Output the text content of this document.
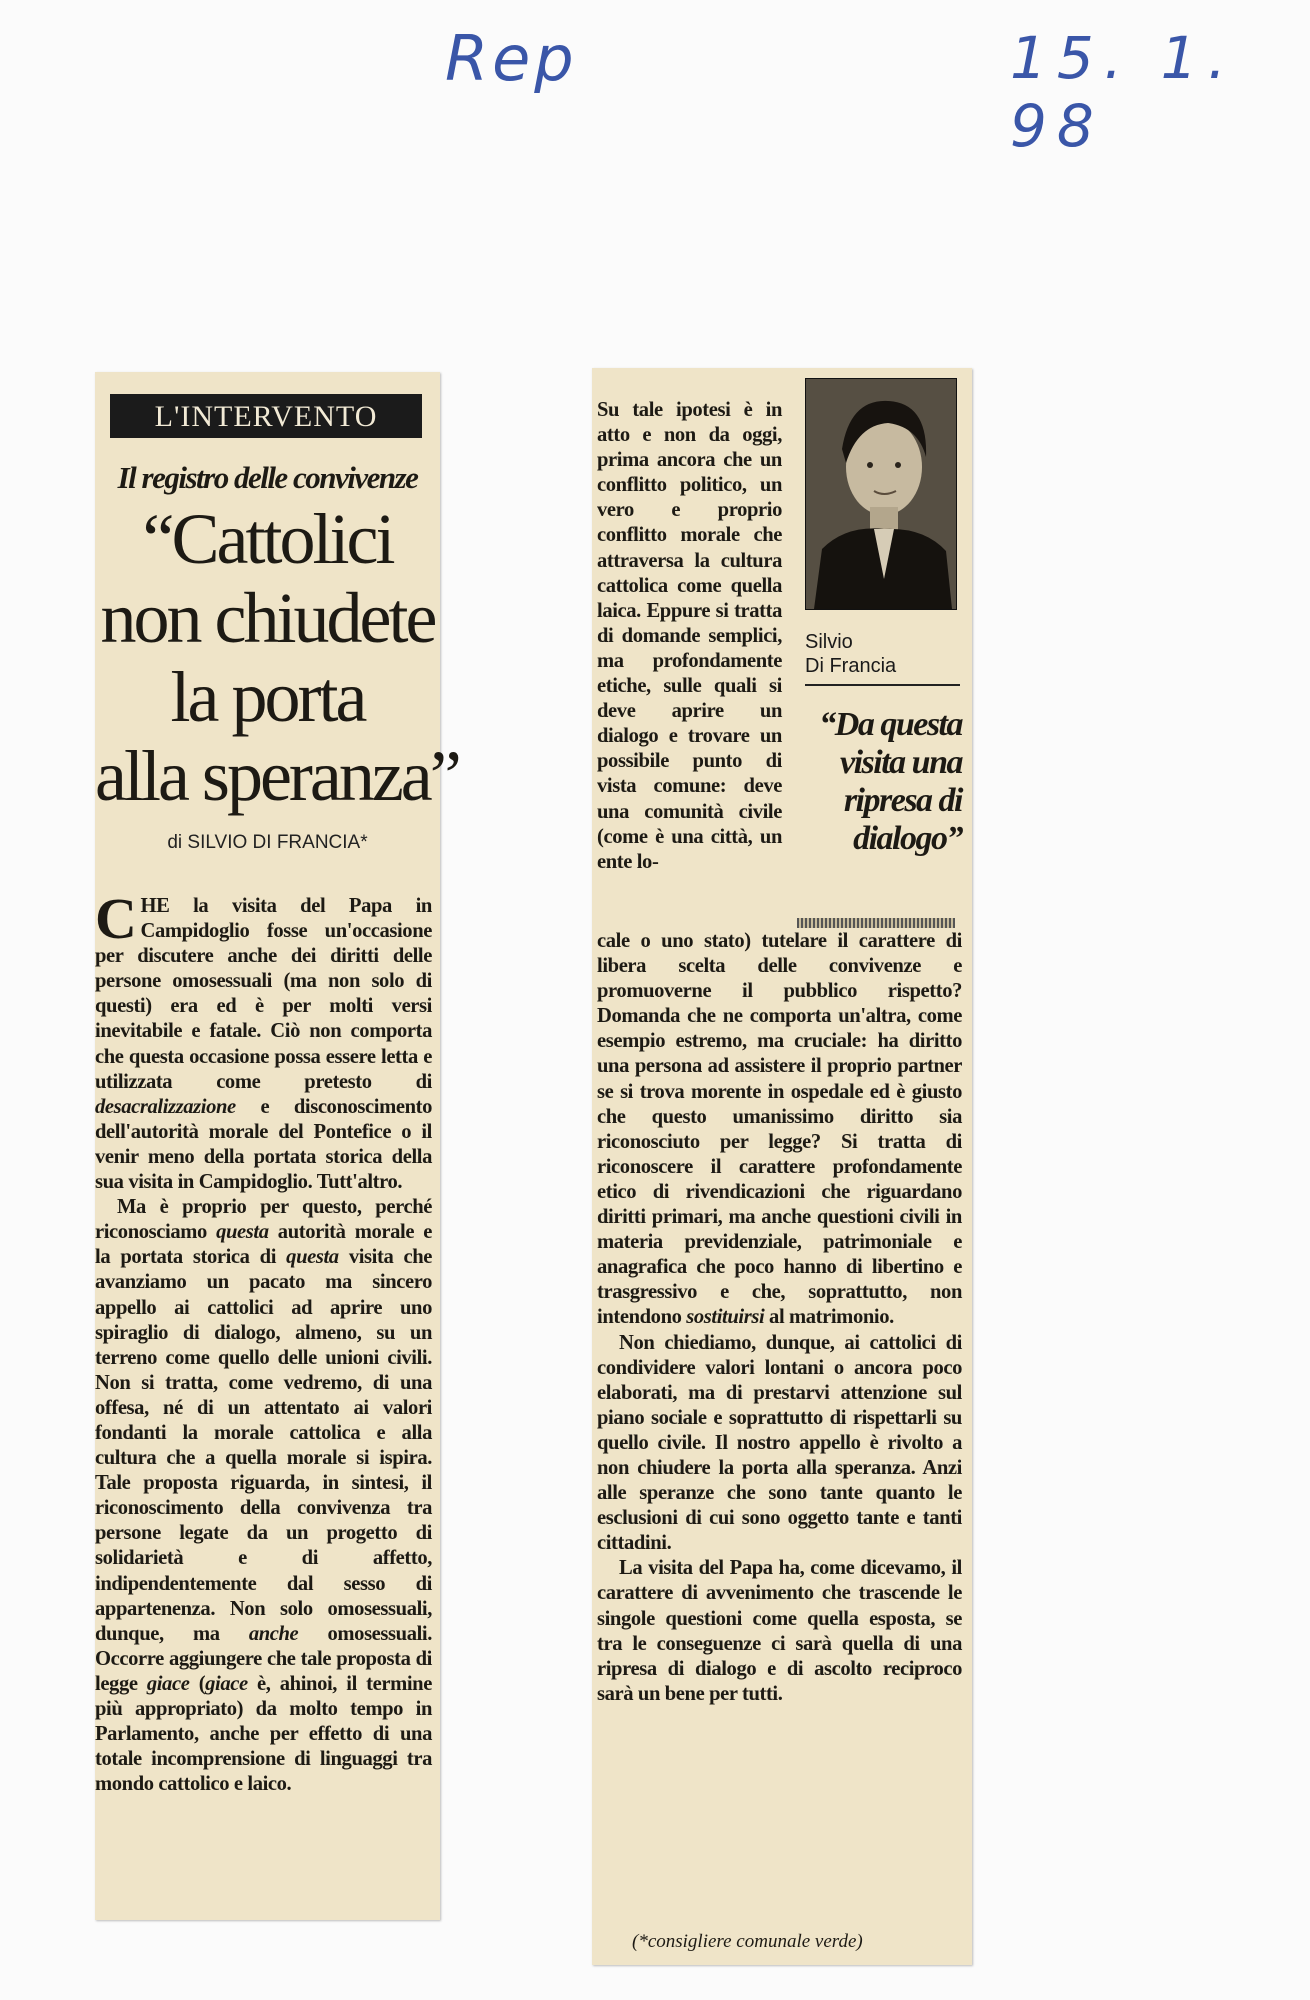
Rep	15. 1. 98
L'INTERVENTO
Il registro delle convivenze
“Cattolici
non chiudete
la porta
alla speranza”
di SILVIO DI FRANCIA*

CHE la visita del Papa in Campidoglio fosse un'occasione per discutere anche dei diritti delle persone omosessuali (ma non solo di questi) era ed è per molti versi inevitabile e fatale. Ciò non comporta che questa occasione possa essere letta e utilizzata come pretesto di desacralizzazione e disconoscimento dell'autorità morale del Pontefice o il venir meno della portata storica della sua visita in Campidoglio. Tutt'altro.

Ma è proprio per questo, perché riconosciamo questa autorità morale e la portata storica di questa visita che avanziamo un pacato ma sincero appello ai cattolici ad aprire uno spiraglio di dialogo, almeno, su un terreno come quello delle unioni civili. Non si tratta, come vedremo, di una offesa, né di un attentato ai valori fondanti la morale cattolica e alla cultura che a quella morale si ispira. Tale proposta riguarda, in sintesi, il riconoscimento della convivenza tra persone legate da un progetto di solidarietà e di affetto, indipendentemente dal sesso di appartenenza. Non solo omosessuali, dunque, ma anche omosessuali. Occorre aggiungere che tale proposta di legge giace (giace è, ahinoi, il termine più appropriato) da molto tempo in Parlamento, anche per effetto di una totale incomprensione di linguaggi tra mondo cattolico e laico.

Silvio
Di Francia
“Da questa visita una ripresa di dialogo”

Su tale ipotesi è in atto e non da oggi, prima ancora che un conflitto politico, un vero e proprio conflitto morale che attraversa la cultura cattolica come quella laica. Eppure si tratta di domande semplici, ma profondamente etiche, sulle quali si deve aprire un dialogo e trovare un possibile punto di vista comune: deve una comunità civile (come è una città, un ente lo-

cale o uno stato) tutelare il carattere di libera scelta delle convivenze e promuoverne il pubblico rispetto? Domanda che ne comporta un'altra, come esempio estremo, ma cruciale: ha diritto una persona ad assistere il proprio partner se si trova morente in ospedale ed è giusto che questo umanissimo diritto sia riconosciuto per legge? Si tratta di riconoscere il carattere profondamente etico di rivendicazioni che riguardano diritti primari, ma anche questioni civili in materia previdenziale, patrimoniale e anagrafica che poco hanno di libertino e trasgressivo e che, soprattutto, non intendono sostituirsi al matrimonio.

Non chiediamo, dunque, ai cattolici di condividere valori lontani o ancora poco elaborati, ma di prestarvi attenzione sul piano sociale e soprattutto di rispettarli su quello civile. Il nostro appello è rivolto a non chiudere la porta alla speranza. Anzi alle speranze che sono tante quanto le esclusioni di cui sono oggetto tante e tanti cittadini.

La visita del Papa ha, come dicevamo, il carattere di avvenimento che trascende le singole questioni come quella esposta, se tra le conseguenze ci sarà quella di una ripresa di dialogo e di ascolto reciproco sarà un bene per tutti.

(*consigliere comunale verde)
